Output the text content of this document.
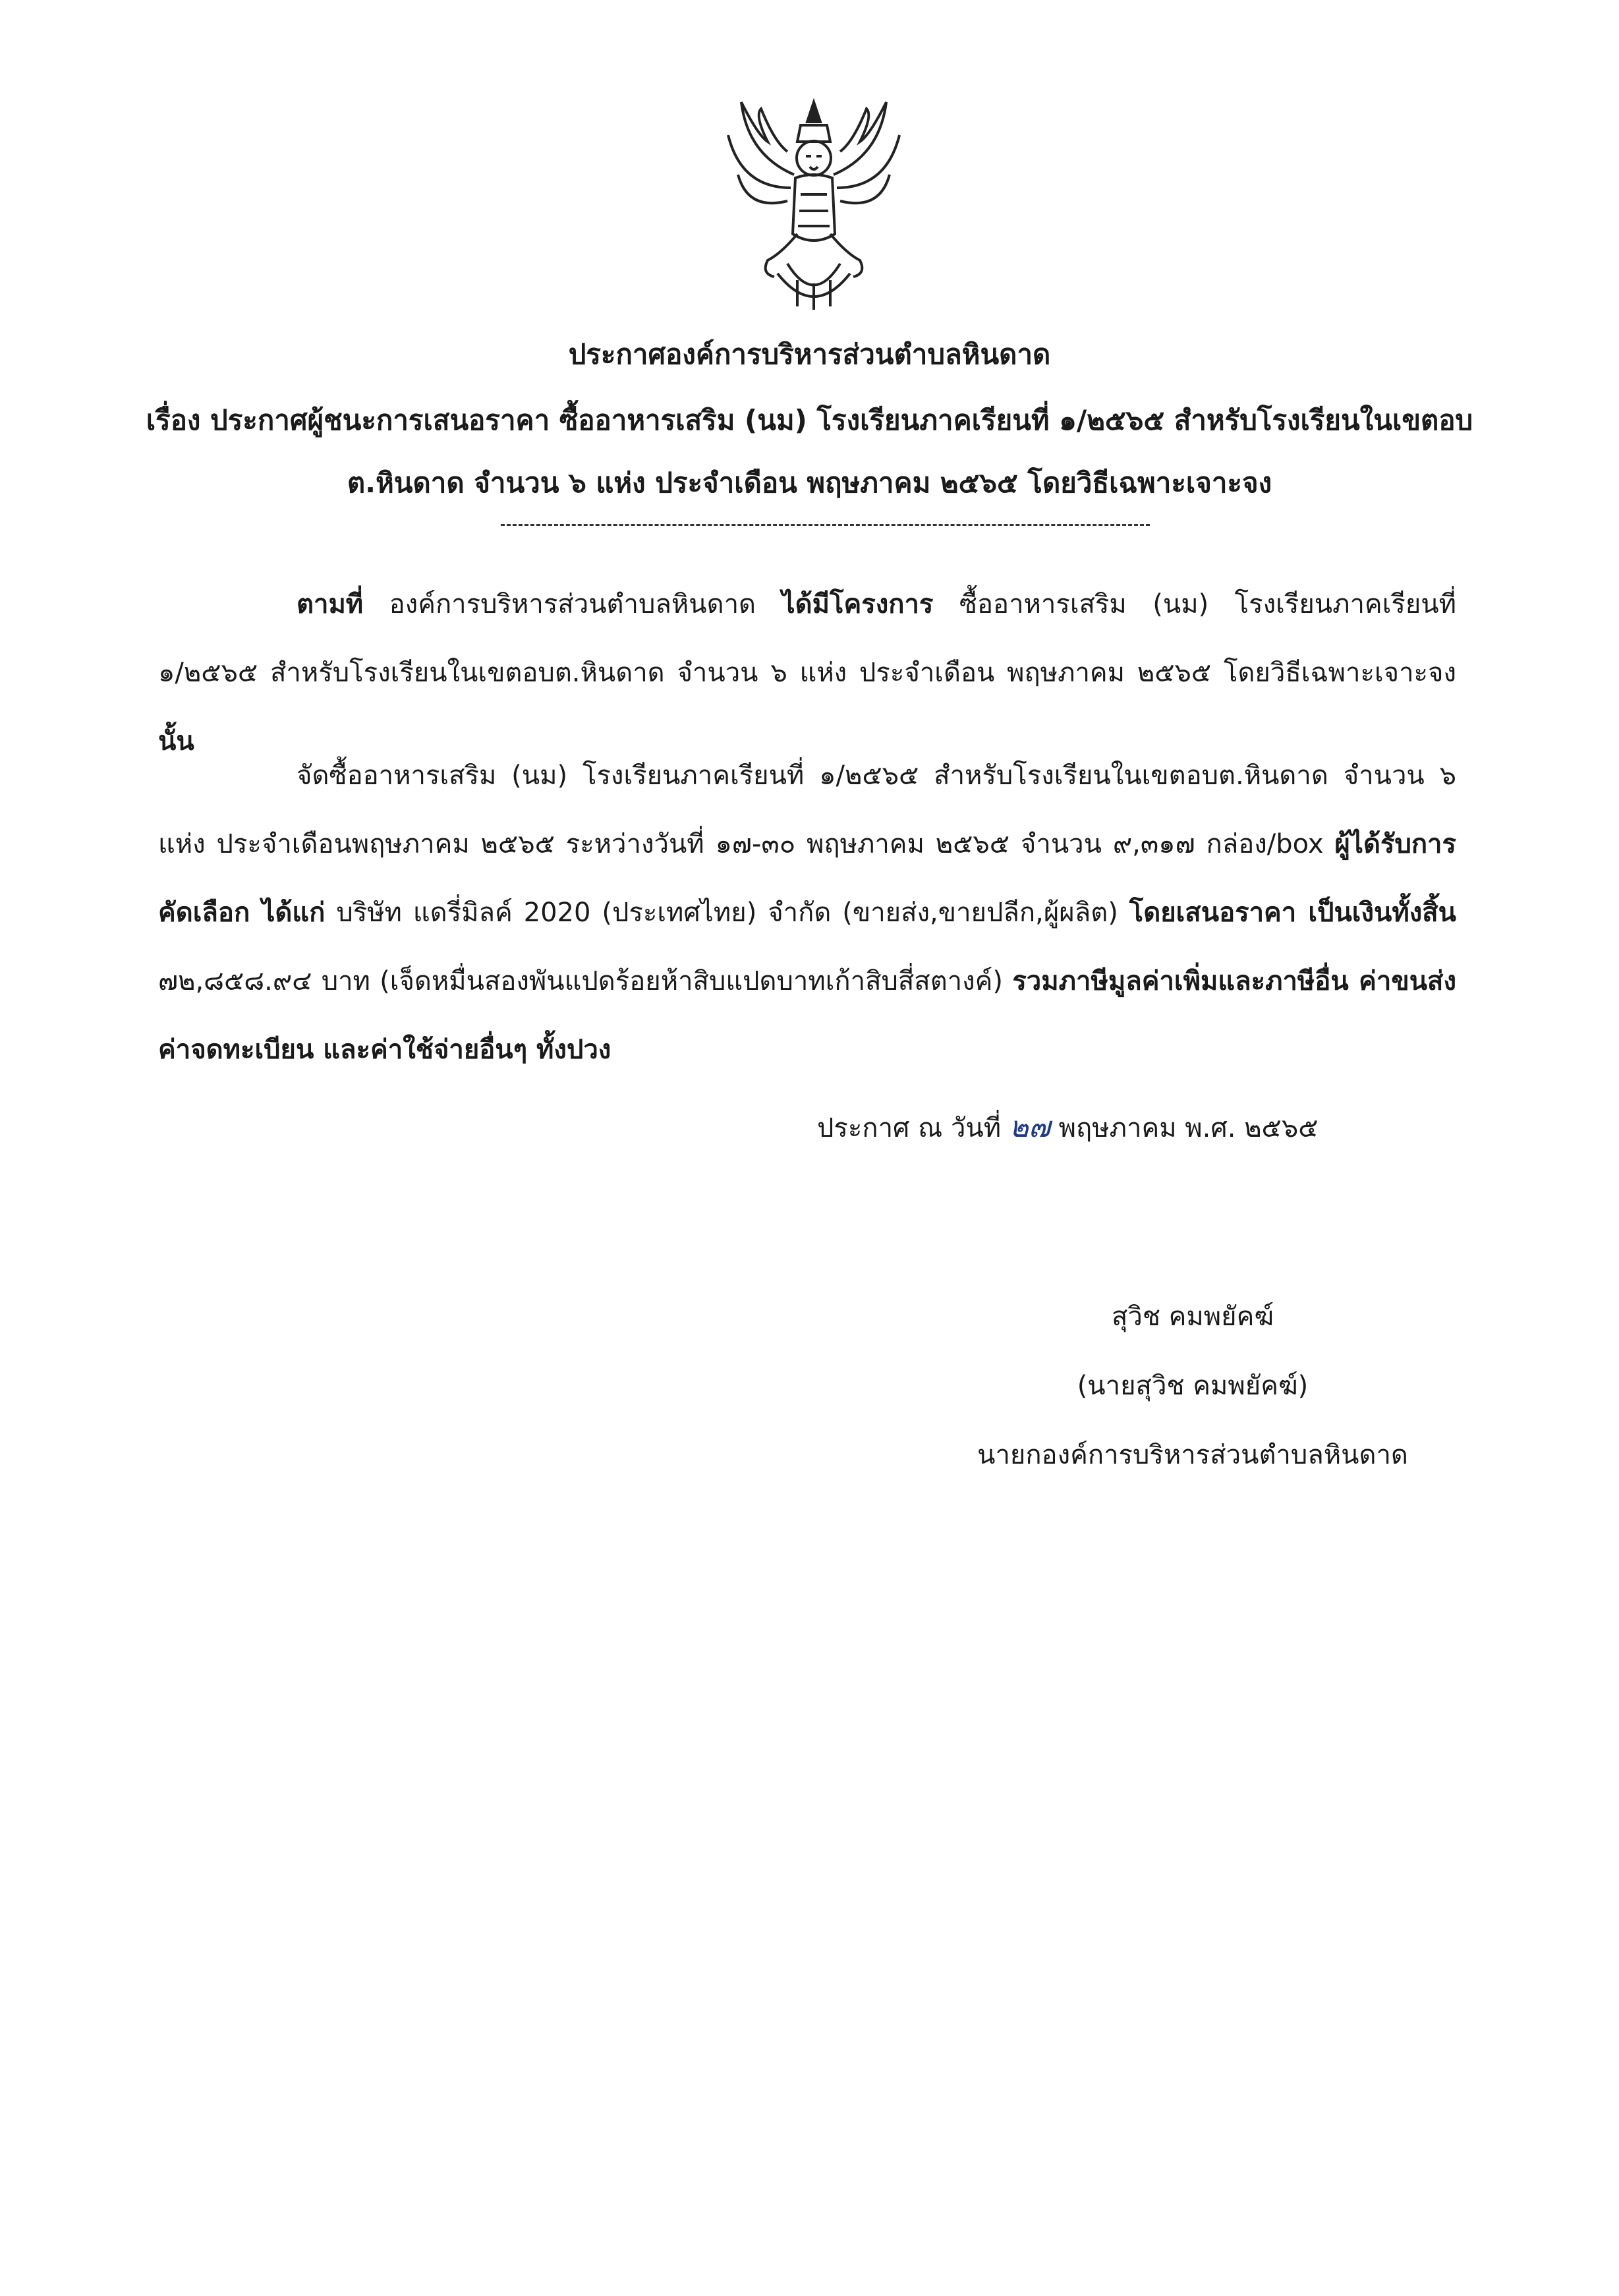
ประกาศองค์การบริหารส่วนตำบลหินดาด
เรื่อง ประกาศผู้ชนะการเสนอราคา ซื้ออาหารเสริม (นม) โรงเรียนภาคเรียนที่ ๑/๒๕๖๕ สำหรับโรงเรียนในเขตอบ
ต.หินดาด จำนวน ๖ แห่ง ประจำเดือน พฤษภาคม ๒๕๖๕ โดยวิธีเฉพาะเจาะจง
ตามที่ องค์การบริหารส่วนตำบลหินดาด ได้มีโครงการ ซื้ออาหารเสริม (นม) โรงเรียนภาคเรียนที่ ๑/๒๕๖๕ สำหรับโรงเรียนในเขตอบต.หินดาด จำนวน ๖ แห่ง ประจำเดือน พฤษภาคม ๒๕๖๕ โดยวิธีเฉพาะเจาะจง นั้น
จัดซื้ออาหารเสริม (นม) โรงเรียนภาคเรียนที่ ๑/๒๕๖๕ สำหรับโรงเรียนในเขตอบต.หินดาด จำนวน ๖ แห่ง ประจำเดือนพฤษภาคม ๒๕๖๕ ระหว่างวันที่ ๑๗-๓๐ พฤษภาคม ๒๕๖๕ จำนวน ๙,๓๑๗ กล่อง/box ผู้ได้รับการคัดเลือก ได้แก่ บริษัท แดรี่มิลค์ 2020 (ประเทศไทย) จำกัด (ขายส่ง,ขายปลีก,ผู้ผลิต) โดยเสนอราคา เป็นเงินทั้งสิ้น ๗๒,๘๕๘.๙๔ บาท (เจ็ดหมื่นสองพันแปดร้อยห้าสิบแปดบาทเก้าสิบสี่สตางค์) รวมภาษีมูลค่าเพิ่มและภาษีอื่น ค่าขนส่ง ค่าจดทะเบียน และค่าใช้จ่ายอื่นๆ ทั้งปวง
ประกาศ ณ วันที่ ๒๗ พฤษภาคม พ.ศ. ๒๕๖๕
สุวิช คมพยัคฆ์
(นายสุวิช คมพยัคฆ์)
นายกองค์การบริหารส่วนตำบลหินดาด
